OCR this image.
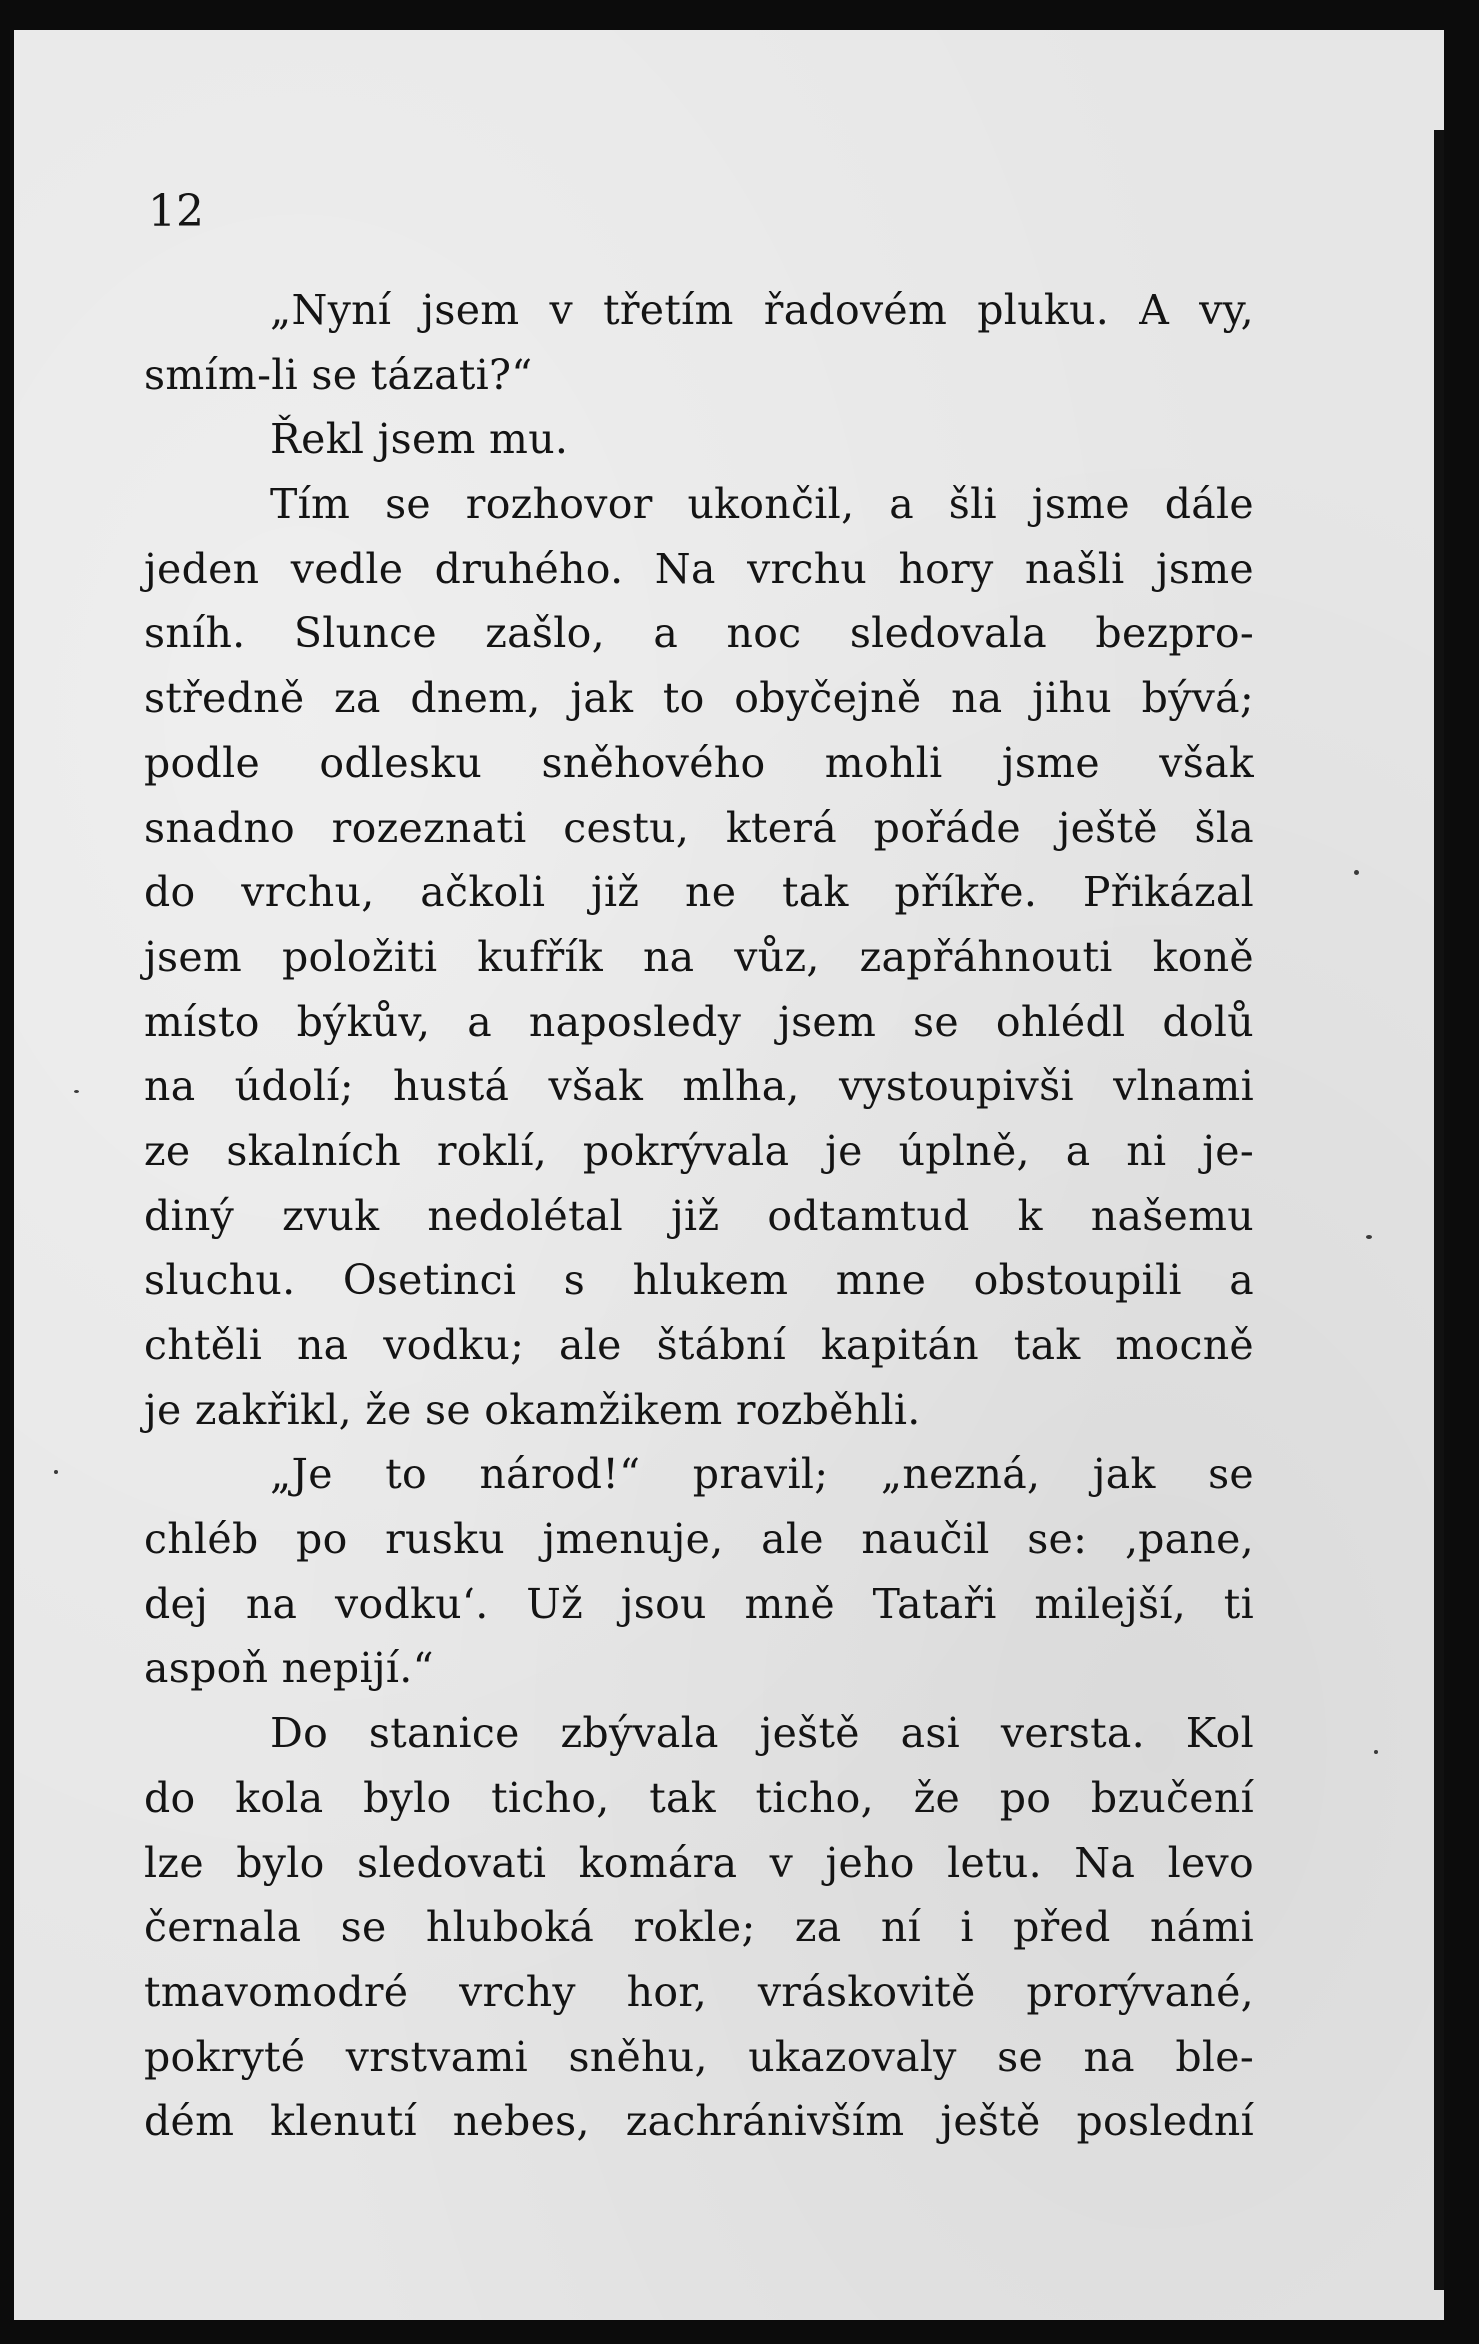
12

„Nyní jsem v třetím řadovém pluku. A vy,
smím-li se tázati?“
Řekl jsem mu.
Tím se rozhovor ukončil, a šli jsme dále
jeden vedle druhého. Na vrchu hory našli jsme
sníh. Slunce zašlo, a noc sledovala bezpro-
středně za dnem, jak to obyčejně na jihu bývá;
podle odlesku sněhového mohli jsme však
snadno rozeznati cestu, která pořáde ještě šla
do vrchu, ačkoli již ne tak příkře. Přikázal
jsem položiti kufřík na vůz, zapřáhnouti koně
místo býkův, a naposledy jsem se ohlédl dolů
na údolí; hustá však mlha, vystoupivši vlnami
ze skalních roklí, pokrývala je úplně, a ni je-
diný zvuk nedolétal již odtamtud k našemu
sluchu. Osetinci s hlukem mne obstoupili a
chtěli na vodku; ale štábní kapitán tak mocně
je zakřikl, že se okamžikem rozběhli.
„Je to národ!“ pravil; „nezná, jak se
chléb po rusku jmenuje, ale naučil se: ‚pane,
dej na vodku‘. Už jsou mně Tataři milejší, ti
aspoň nepijí.“
Do stanice zbývala ještě asi versta. Kol
do kola bylo ticho, tak ticho, že po bzučení
lze bylo sledovati komára v jeho letu. Na levo
černala se hluboká rokle; za ní i před námi
tmavomodré vrchy hor, vráskovitě prorývané,
pokryté vrstvami sněhu, ukazovaly se na ble-
dém klenutí nebes, zachránivším ještě poslední
